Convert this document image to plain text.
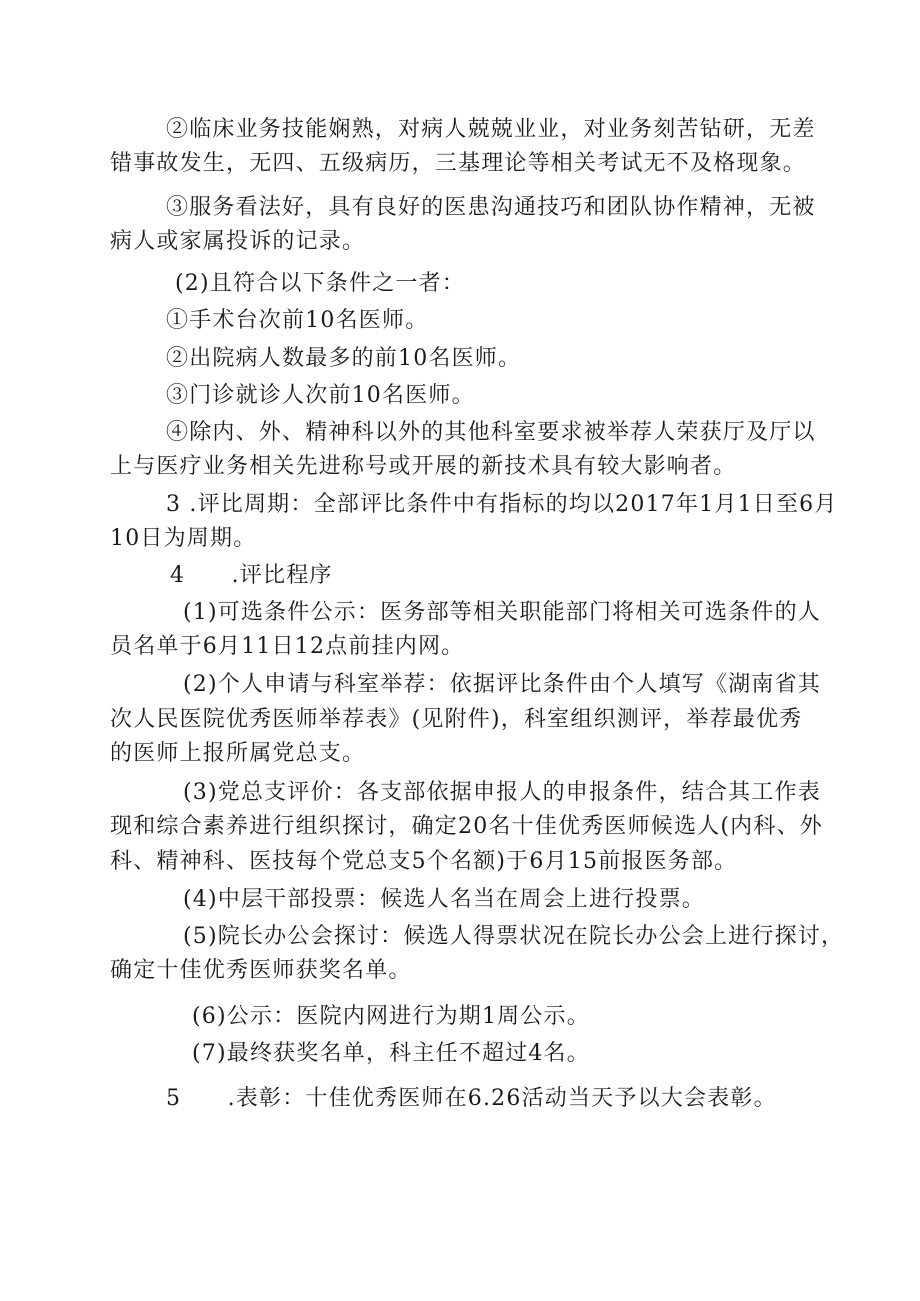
②临床业务技能娴熟，对病人兢兢业业，对业务刻苦钻研，无差
错事故发生，无四、五级病历，三基理论等相关考试无不及格现象。
③服务看法好，具有良好的医患沟通技巧和团队协作精神，无被
病人或家属投诉的记录。
(2)且符合以下条件之一者：
①手术台次前10名医师。
②出院病人数最多的前10名医师。
③门诊就诊人次前10名医师。
④除内、外、精神科以外的其他科室要求被举荐人荣获厅及厅以
上与医疗业务相关先进称号或开展的新技术具有较大影响者。
3 .评比周期：全部评比条件中有指标的均以2017年1月1日至6月
10日为周期。
4　　.评比程序
(1)可选条件公示：医务部等相关职能部门将相关可选条件的人
员名单于6月11日12点前挂内网。
(2)个人申请与科室举荐：依据评比条件由个人填写《湖南省其
次人民医院优秀医师举荐表》(见附件)，科室组织测评，举荐最优秀
的医师上报所属党总支。
(3)党总支评价：各支部依据申报人的申报条件，结合其工作表
现和综合素养进行组织探讨，确定20名十佳优秀医师候选人(内科、外
科、精神科、医技每个党总支5个名额)于6月15前报医务部。
(4)中层干部投票：候选人名当在周会上进行投票。
(5)院长办公会探讨：候选人得票状况在院长办公会上进行探讨，
确定十佳优秀医师获奖名单。
(6)公示：医院内网进行为期1周公示。
(7)最终获奖名单，科主任不超过4名。
5　　.表彰：十佳优秀医师在6.26活动当天予以大会表彰。
